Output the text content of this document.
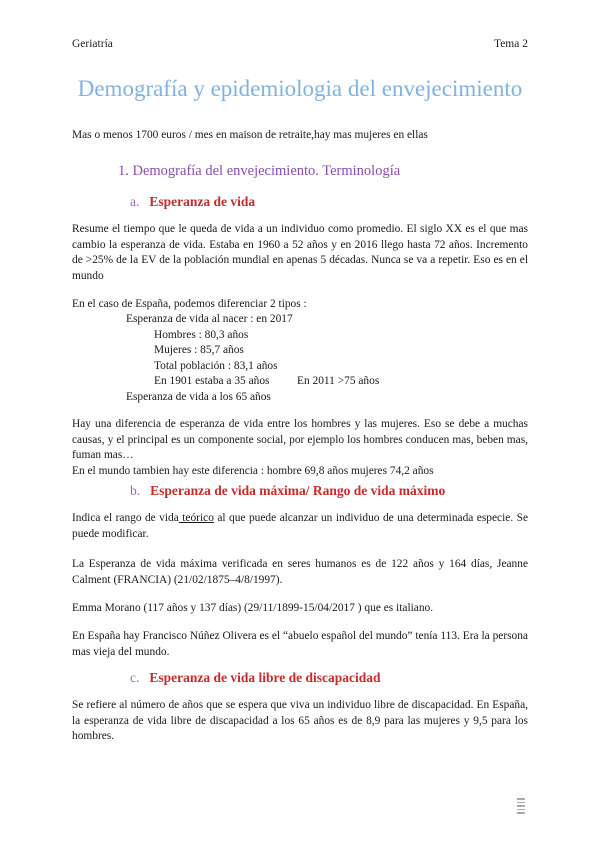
Geriatría	Tema 2
Demografía y epidemiologia del envejecimiento
Mas o menos 1700 euros / mes en maison de retraite,hay mas mujeres en ellas
1. Demografía del envejecimiento. Terminología
a. Esperanza de vida
Resume el tiempo que le queda de vida a un individuo como promedio. El siglo XX es el que mas cambio la esperanza de vida. Estaba en 1960 a 52 años y en 2016 llego hasta 72 años. Incremento de >25% de la EV de la población mundial en apenas 5 décadas. Nunca se va a repetir. Eso es en el mundo
En el caso de España, podemos diferenciar 2 tipos :
Esperanza de vida al nacer : en 2017
Hombres : 80,3 años
Mujeres : 85,7 años
Total población : 83,1 años
En 1901 estaba a 35 años En 2011 >75 años
Esperanza de vida a los 65 años
Hay una diferencia de esperanza de vida entre los hombres y las mujeres. Eso se debe a muchas causas, y el principal es un componente social, por ejemplo los hombres conducen mas, beben mas, fuman mas…
En el mundo tambien hay este diferencia : hombre 69,8 años mujeres 74,2 años
b. Esperanza de vida máxima/ Rango de vida máximo
Indica el rango de vida teórico al que puede alcanzar un individuo de una determinada especie. Se puede modificar.
La Esperanza de vida máxima verificada en seres humanos es de 122 años y 164 días, Jeanne Calment (FRANCIA) (21/02/1875–4/8/1997).
Emma Morano (117 años y 137 días) (29/11/1899-15/04/2017 ) que es italiano.
En España hay Francisco Núñez Olivera es el “abuelo español del mundo” tenía 113. Era la persona mas vieja del mundo.
c. Esperanza de vida libre de discapacidad
Se refiere al número de años que se espera que viva un individuo libre de discapacidad. En España, la esperanza de vida libre de discapacidad a los 65 años es de 8,9 para las mujeres y 9,5 para los hombres.
